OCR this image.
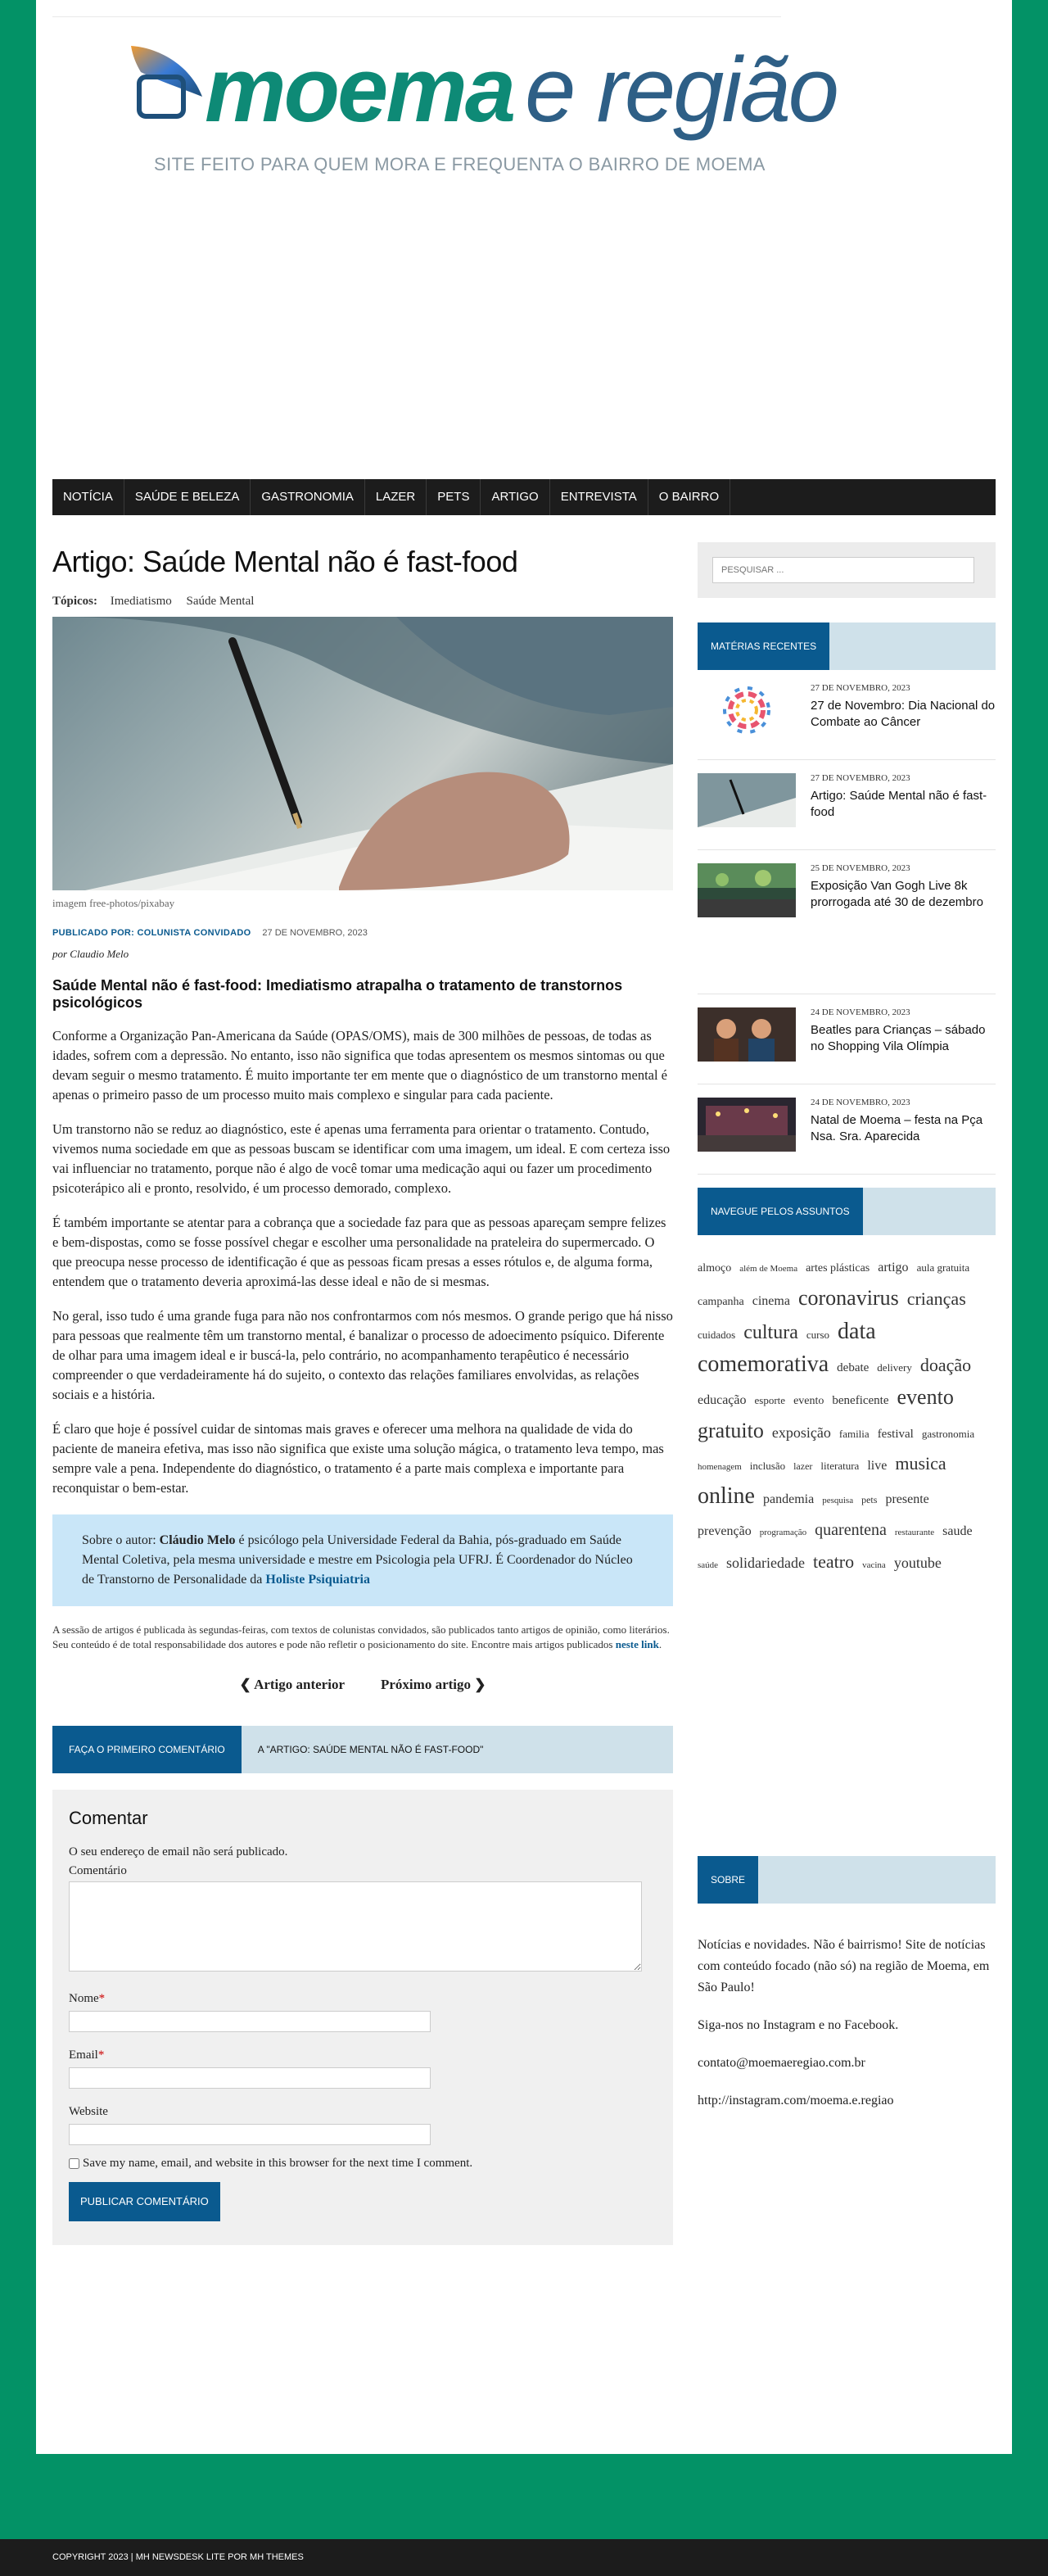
moema e região
SITE FEITO PARA QUEM MORA E FREQUENTA O BAIRRO DE MOEMA
NOTÍCIA	SAÚDE E BELEZA	GASTRONOMIA	LAZER	PETS	ARTIGO	ENTREVISTA	O BAIRRO
Artigo: Saúde Mental não é fast-food
Tópicos: Imediatismo Saúde Mental
imagem free-photos/pixabay
PUBLICADO POR: COLUNISTA CONVIDADO 27 DE NOVEMBRO, 2023
por Claudio Melo
Saúde Mental não é fast-food: Imediatismo atrapalha o tratamento de transtornos psicológicos

Conforme a Organização Pan-Americana da Saúde (OPAS/OMS), mais de 300 milhões de pessoas, de todas as idades, sofrem com a depressão. No entanto, isso não significa que todas apresentem os mesmos sintomas ou que devam seguir o mesmo tratamento. É muito importante ter em mente que o diagnóstico de um transtorno mental é apenas o primeiro passo de um processo muito mais complexo e singular para cada paciente.

Um transtorno não se reduz ao diagnóstico, este é apenas uma ferramenta para orientar o tratamento. Contudo, vivemos numa sociedade em que as pessoas buscam se identificar com uma imagem, um ideal. E com certeza isso vai influenciar no tratamento, porque não é algo de você tomar uma medicação aqui ou fazer um procedimento psicoterápico ali e pronto, resolvido, é um processo demorado, complexo.

É também importante se atentar para a cobrança que a sociedade faz para que as pessoas apareçam sempre felizes e bem-dispostas, como se fosse possível chegar e escolher uma personalidade na prateleira do supermercado. O que preocupa nesse processo de identificação é que as pessoas ficam presas a esses rótulos e, de alguma forma, entendem que o tratamento deveria aproximá-las desse ideal e não de si mesmas.

No geral, isso tudo é uma grande fuga para não nos confrontarmos com nós mesmos. O grande perigo que há nisso para pessoas que realmente têm um transtorno mental, é banalizar o processo de adoecimento psíquico. Diferente de olhar para uma imagem ideal e ir buscá-la, pelo contrário, no acompanhamento terapêutico é necessário compreender o que verdadeiramente há do sujeito, o contexto das relações familiares envolvidas, as relações sociais e a história.

É claro que hoje é possível cuidar de sintomas mais graves e oferecer uma melhora na qualidade de vida do paciente de maneira efetiva, mas isso não significa que existe uma solução mágica, o tratamento leva tempo, mas sempre vale a pena. Independente do diagnóstico, o tratamento é a parte mais complexa e importante para reconquistar o bem-estar.

Sobre o autor: Cláudio Melo é psicólogo pela Universidade Federal da Bahia, pós-graduado em Saúde Mental Coletiva, pela mesma universidade e mestre em Psicologia pela UFRJ. É Coordenador do Núcleo de Transtorno de Personalidade da Holiste Psiquiatria

A sessão de artigos é publicada às segundas-feiras, com textos de colunistas convidados, são publicados tanto artigos de opinião, como literários. Seu conteúdo é de total responsabilidade dos autores e pode não refletir o posicionamento do site. Encontre mais artigos publicados neste link.

❮ Artigo anterior	Próximo artigo ❯
FAÇA O PRIMEIRO COMENTÁRIO	A "ARTIGO: SAÚDE MENTAL NÃO É FAST-FOOD"
Comentar
O seu endereço de email não será publicado.
Comentário
Nome*
Email*
Website
Save my name, email, and website in this browser for the next time I comment.
PUBLICAR COMENTÁRIO
PESQUISAR ...
MATÉRIAS RECENTES
27 DE NOVEMBRO, 2023
27 de Novembro: Dia Nacional do Combate ao Câncer
27 DE NOVEMBRO, 2023
Artigo: Saúde Mental não é fast-food
25 DE NOVEMBRO, 2023
Exposição Van Gogh Live 8k prorrogada até 30 de dezembro
24 DE NOVEMBRO, 2023
Beatles para Crianças – sábado no Shopping Vila Olímpia
24 DE NOVEMBRO, 2023
Natal de Moema – festa na Pça Nsa. Sra. Aparecida
NAVEGUE PELOS ASSUNTOS
almoço além de Moema artes plásticas artigo aula gratuita campanha cinema coronavirus crianças cuidados cultura curso data comemorativa debate delivery doação educação esporte evento beneficente evento gratuito exposição familia festival gastronomia homenagem inclusão lazer literatura live musica online pandemia pesquisa pets presente prevenção programação quarentena restaurante saude saúde solidariedade teatro vacina youtube
SOBRE

Notícias e novidades. Não é bairrismo! Site de notícias com conteúdo focado (não só) na região de Moema, em São Paulo!

Siga-nos no Instagram e no Facebook.

contato@moemaeregiao.com.br

http://instagram.com/moema.e.regiao

COPYRIGHT 2023 | MH NEWSDESK LITE POR MH THEMES
